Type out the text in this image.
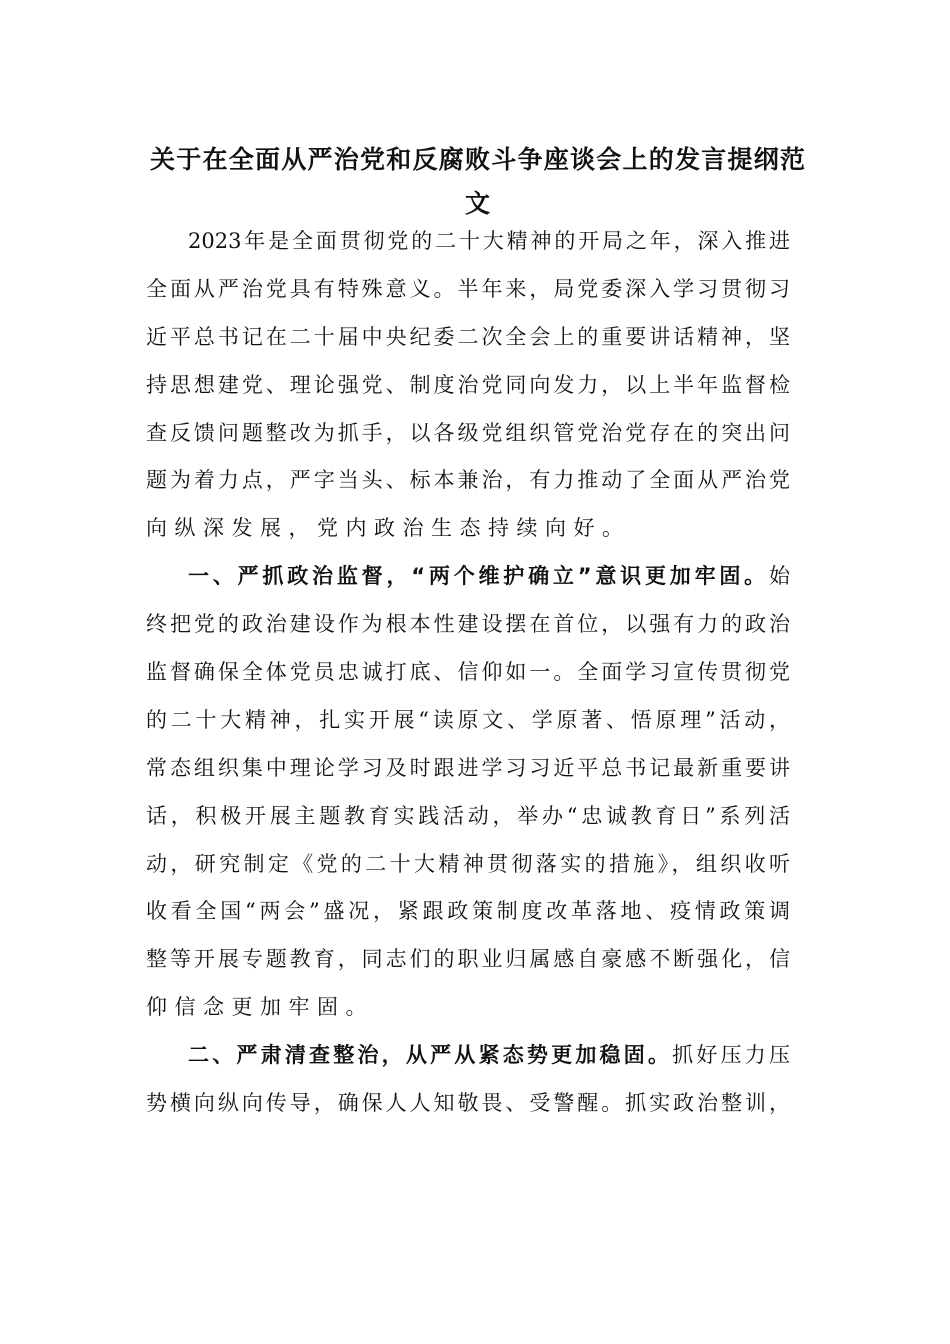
关于在全面从严治党和反腐败斗争座谈会上的发言提纲范
文
2023年是全面贯彻党的二十大精神的开局之年，深入推进
全面从严治党具有特殊意义。半年来，局党委深入学习贯彻习
近平总书记在二十届中央纪委二次全会上的重要讲话精神，坚
持思想建党、理论强党、制度治党同向发力，以上半年监督检
查反馈问题整改为抓手，以各级党组织管党治党存在的突出问
题为着力点，严字当头、标本兼治，有力推动了全面从严治党
向纵深发展，党内政治生态持续向好。
一、严抓政治监督，“两个维护确立”意识更加牢固。始
终把党的政治建设作为根本性建设摆在首位，以强有力的政治
监督确保全体党员忠诚打底、信仰如一。全面学习宣传贯彻党
的二十大精神，扎实开展“读原文、学原著、悟原理”活动，
常态组织集中理论学习及时跟进学习习近平总书记最新重要讲
话，积极开展主题教育实践活动，举办“忠诚教育日”系列活
动，研究制定《党的二十大精神贯彻落实的措施》，组织收听
收看全国“两会”盛况，紧跟政策制度改革落地、疫情政策调
整等开展专题教育，同志们的职业归属感自豪感不断强化，信
仰信念更加牢固。
二、严肃清查整治，从严从紧态势更加稳固。抓好压力压
势横向纵向传导，确保人人知敬畏、受警醒。抓实政治整训，
